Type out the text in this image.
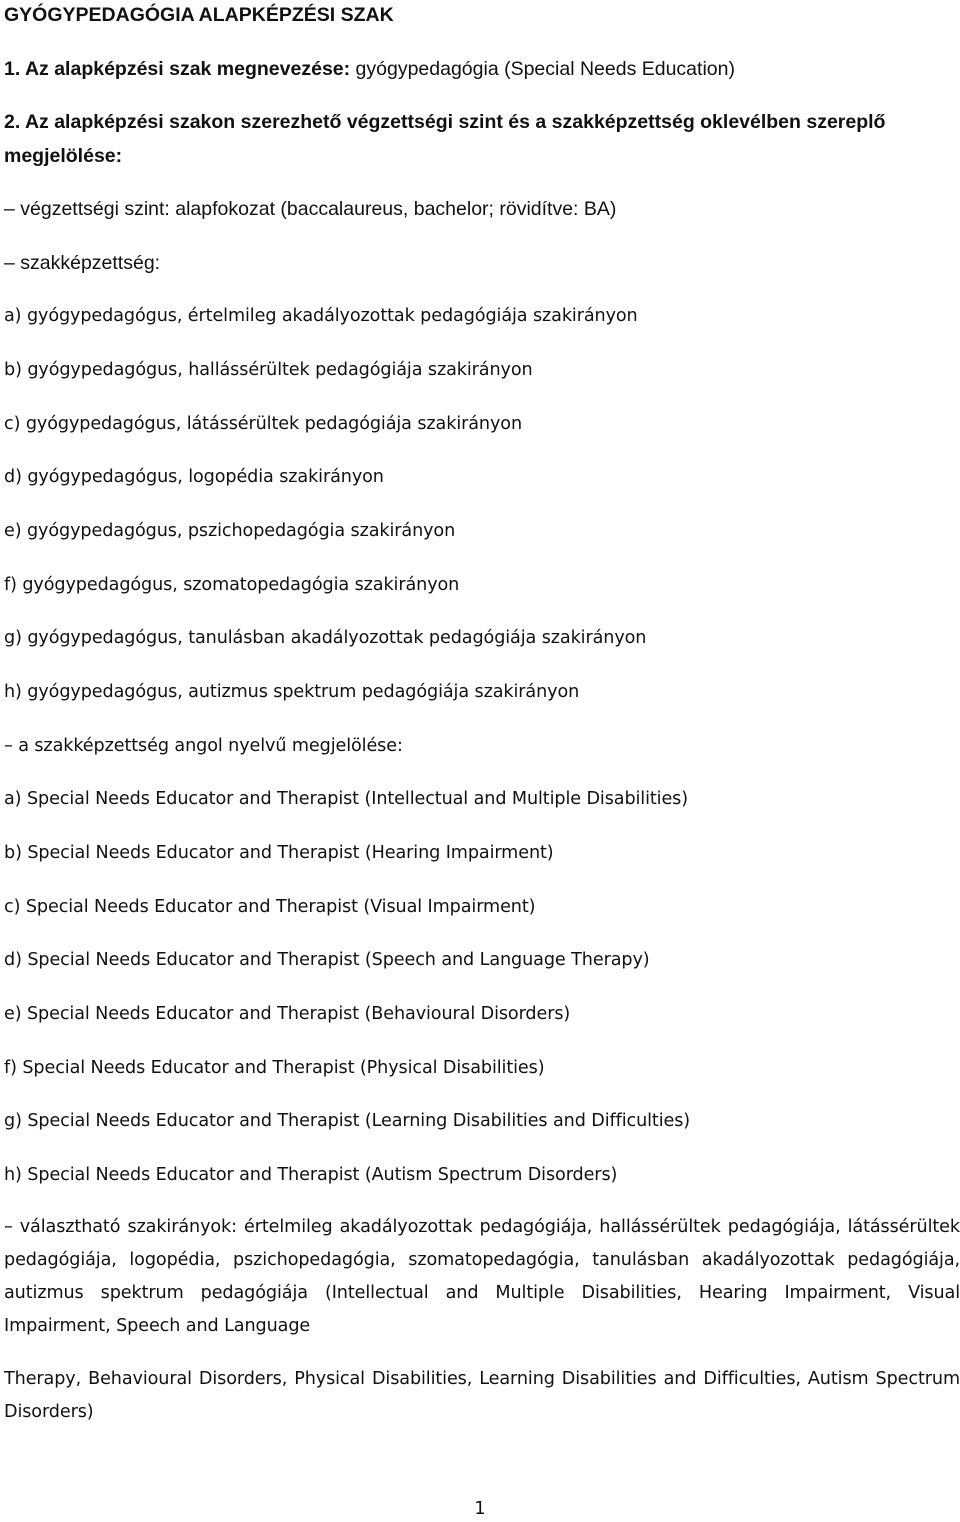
GYÓGYPEDAGÓGIA ALAPKÉPZÉSI SZAK

1. Az alapképzési szak megnevezése: gyógypedagógia (Special Needs Education)

2. Az alapképzési szakon szerezhető végzettségi szint és a szakképzettség oklevélben szereplő

megjelölése:

– végzettségi szint: alapfokozat (baccalaureus, bachelor; rövidítve: BA)

– szakképzettség:

a) gyógypedagógus, értelmileg akadályozottak pedagógiája szakirányon

b) gyógypedagógus, hallássérültek pedagógiája szakirányon

c) gyógypedagógus, látássérültek pedagógiája szakirányon

d) gyógypedagógus, logopédia szakirányon

e) gyógypedagógus, pszichopedagógia szakirányon

f) gyógypedagógus, szomatopedagógia szakirányon

g) gyógypedagógus, tanulásban akadályozottak pedagógiája szakirányon

h) gyógypedagógus, autizmus spektrum pedagógiája szakirányon

– a szakképzettség angol nyelvű megjelölése:

a) Special Needs Educator and Therapist (Intellectual and Multiple Disabilities)

b) Special Needs Educator and Therapist (Hearing Impairment)

c) Special Needs Educator and Therapist (Visual Impairment)

d) Special Needs Educator and Therapist (Speech and Language Therapy)

e) Special Needs Educator and Therapist (Behavioural Disorders)

f) Special Needs Educator and Therapist (Physical Disabilities)

g) Special Needs Educator and Therapist (Learning Disabilities and Difficulties)

h) Special Needs Educator and Therapist (Autism Spectrum Disorders)

– választható szakirányok: értelmileg akadályozottak pedagógiája, hallássérültek pedagógiája, látássérültek pedagógiája, logopédia, pszichopedagógia, szomatopedagógia, tanulásban akadályozottak pedagógiája, autizmus spektrum pedagógiája (Intellectual and Multiple Disabilities, Hearing Impairment, Visual Impairment, Speech and Language

Therapy, Behavioural Disorders, Physical Disabilities, Learning Disabilities and Difficulties, Autism Spectrum Disorders)

1
